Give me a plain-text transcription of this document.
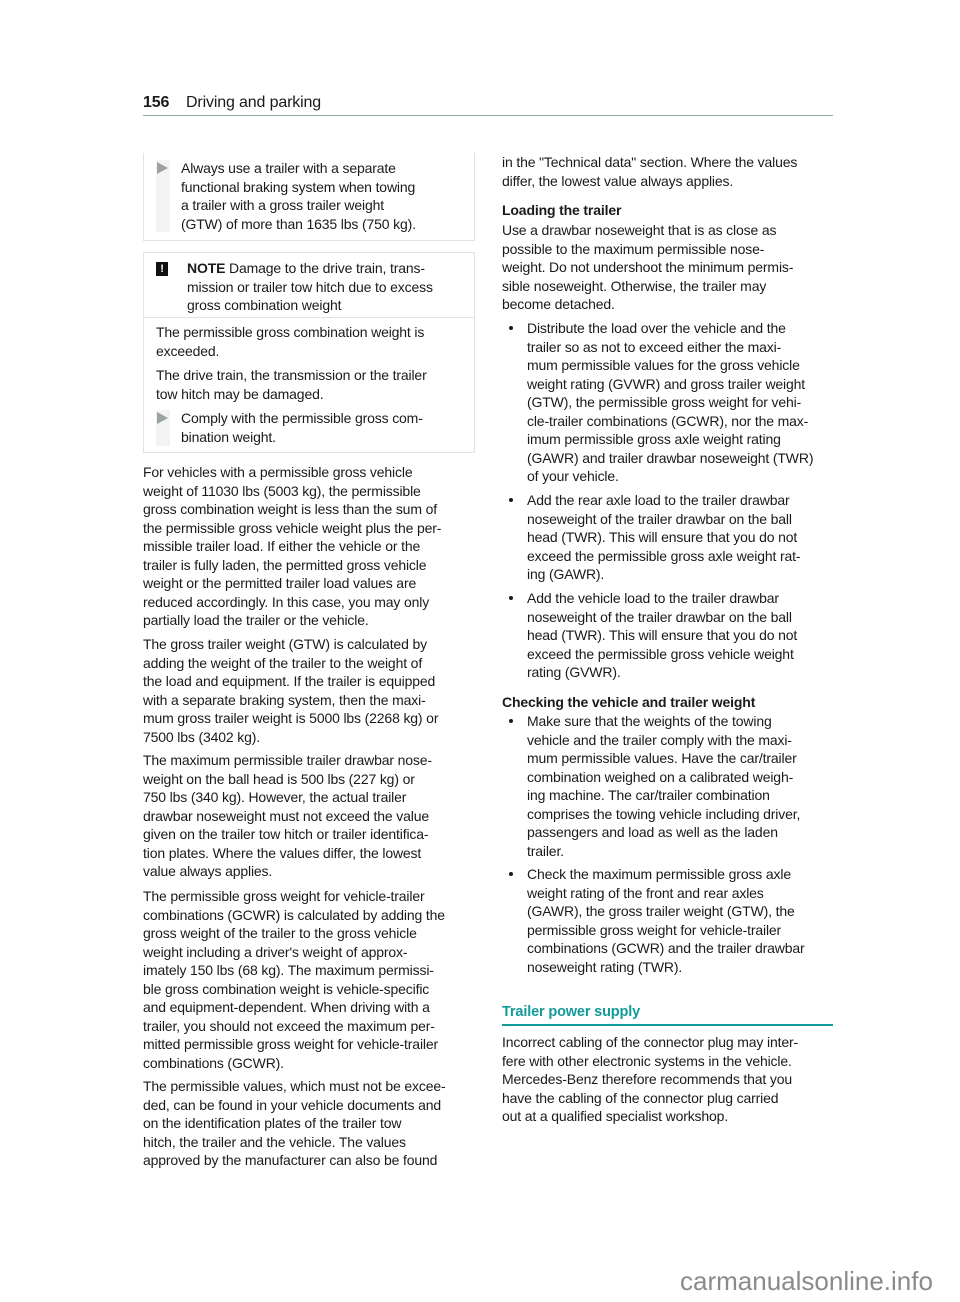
156 Driving and parking
Always use a trailer with a separate
functional braking system when towing
a trailer with a gross trailer weight
(GTW) of more than 1635 lbs (750 kg).
!	NOTE Damage to the drive train, trans-
mission or trailer tow hitch due to excess
gross combination weight
The permissible gross combination weight is
exceeded.
The drive train, the transmission or the trailer
tow hitch may be damaged.
Comply with the permissible gross com-
bination weight.
For vehicles with a permissible gross vehicle
weight of 11030 lbs (5003 kg), the permissible
gross combination weight is less than the sum of
the permissible gross vehicle weight plus the per-
missible trailer load. If either the vehicle or the
trailer is fully laden, the permitted gross vehicle
weight or the permitted trailer load values are
reduced accordingly. In this case, you may only
partially load the trailer or the vehicle.
The gross trailer weight (GTW) is calculated by
adding the weight of the trailer to the weight of
the load and equipment. If the trailer is equipped
with a separate braking system, then the maxi-
mum gross trailer weight is 5000 lbs (2268 kg) or
7500 lbs (3402 kg).
The maximum permissible trailer drawbar nose-
weight on the ball head is 500 lbs (227 kg) or
750 lbs (340 kg). However, the actual trailer
drawbar noseweight must not exceed the value
given on the trailer tow hitch or trailer identifica-
tion plates. Where the values differ, the lowest
value always applies.
The permissible gross weight for vehicle-trailer
combinations (GCWR) is calculated by adding the
gross weight of the trailer to the gross vehicle
weight including a driver's weight of approx-
imately 150 lbs (68 kg). The maximum permissi-
ble gross combination weight is vehicle-specific
and equipment-dependent. When driving with a
trailer, you should not exceed the maximum per-
mitted permissible gross weight for vehicle-trailer
combinations (GCWR).
The permissible values, which must not be excee-
ded, can be found in your vehicle documents and
on the identification plates of the trailer tow
hitch, the trailer and the vehicle. The values
approved by the manufacturer can also be found
in the "Technical data" section. Where the values
differ, the lowest value always applies.
Loading the trailer
Use a drawbar noseweight that is as close as
possible to the maximum permissible nose-
weight. Do not undershoot the minimum permis-
sible noseweight. Otherwise, the trailer may
become detached.
Distribute the load over the vehicle and the
trailer so as not to exceed either the maxi-
mum permissible values for the gross vehicle
weight rating (GVWR) and gross trailer weight
(GTW), the permissible gross weight for vehi-
cle-trailer combinations (GCWR), nor the max-
imum permissible gross axle weight rating
(GAWR) and trailer drawbar noseweight (TWR)
of your vehicle.
Add the rear axle load to the trailer drawbar
noseweight of the trailer drawbar on the ball
head (TWR). This will ensure that you do not
exceed the permissible gross axle weight rat-
ing (GAWR).
Add the vehicle load to the trailer drawbar
noseweight of the trailer drawbar on the ball
head (TWR). This will ensure that you do not
exceed the permissible gross vehicle weight
rating (GVWR).
Checking the vehicle and trailer weight
Make sure that the weights of the towing
vehicle and the trailer comply with the maxi-
mum permissible values. Have the car/trailer
combination weighed on a calibrated weigh-
ing machine. The car/trailer combination
comprises the towing vehicle including driver,
passengers and load as well as the laden
trailer.
Check the maximum permissible gross axle
weight rating of the front and rear axles
(GAWR), the gross trailer weight (GTW), the
permissible gross weight for vehicle-trailer
combinations (GCWR) and the trailer drawbar
noseweight rating (TWR).
Trailer power supply
Incorrect cabling of the connector plug may inter-
fere with other electronic systems in the vehicle.
Mercedes-Benz therefore recommends that you
have the cabling of the connector plug carried
out at a qualified specialist workshop.
carmanualsonline.info
